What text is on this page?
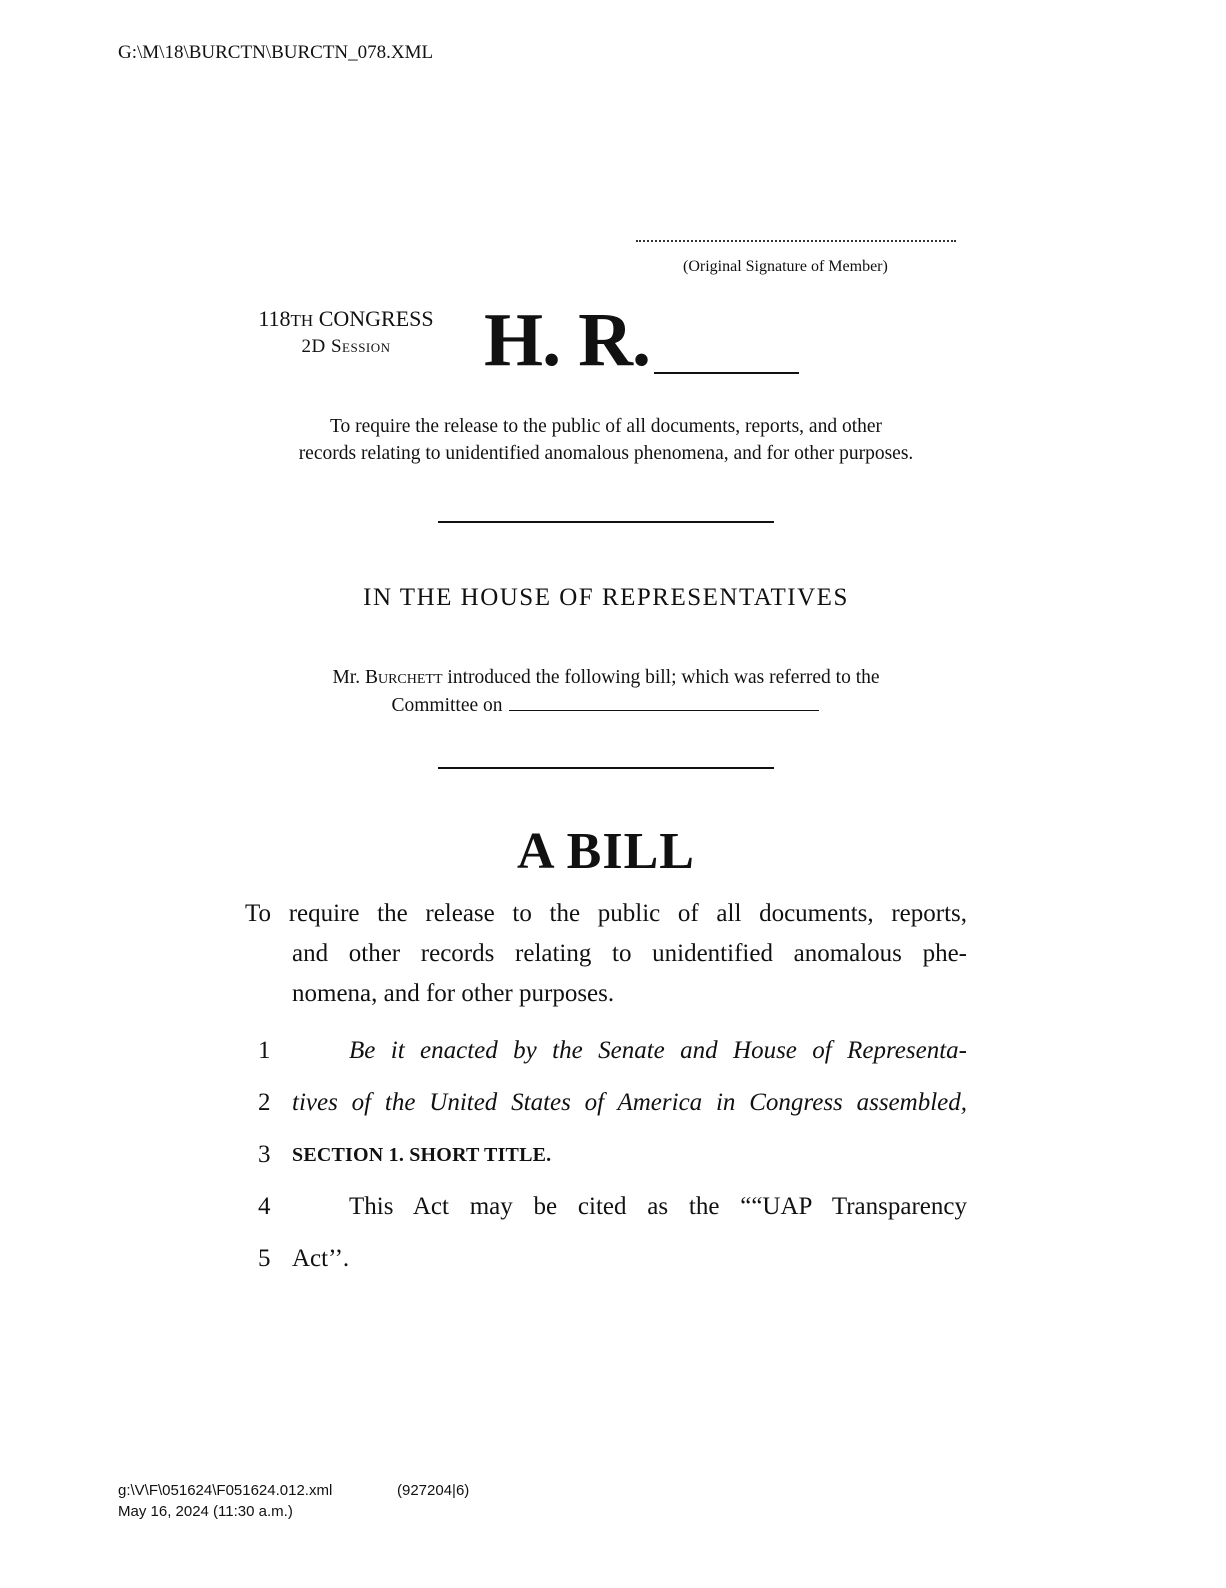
G:\M\18\BURCTN\BURCTN_078.XML
(Original Signature of Member)
118TH CONGRESS
2D Session	H. R.
To require the release to the public of all documents, reports, and other
records relating to unidentified anomalous phenomena, and for other purposes.
IN THE HOUSE OF REPRESENTATIVES
Mr. Burchett introduced the following bill; which was referred to the
Committee on
A BILL
To require the release to the public of all documents, reports,
and other records relating to unidentified anomalous phe-
nomena, and for other purposes.
1	Be it enacted by the Senate and House of Representa-
2 tives of the United States of America in Congress assembled,
3	SECTION 1. SHORT TITLE.
4	This Act may be cited as the ““UAP Transparency
5 Act’’.
g:\V\F\051624\F051624.012.xml	(927204|6)
May 16, 2024 (11:30 a.m.)
